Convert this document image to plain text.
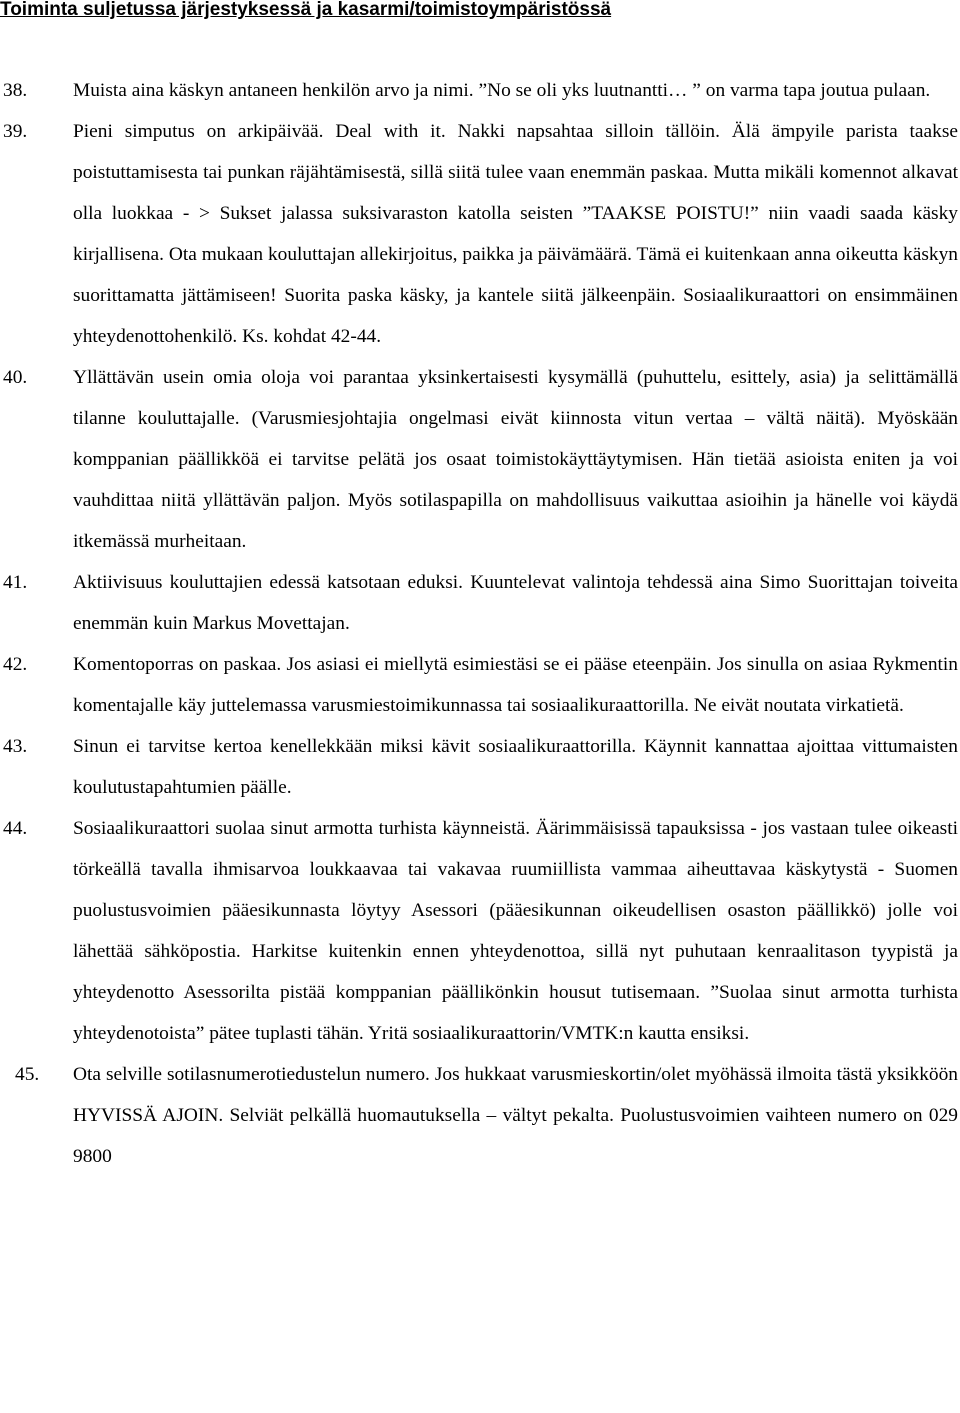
Toiminta suljetussa järjestyksessä ja kasarmi/toimistoympäristössä
38. Muista aina käskyn antaneen henkilön arvo ja nimi. ”No se oli yks luutnantti… ” on varma tapa joutua pulaan.
39. Pieni simputus on arkipäivää. Deal with it. Nakki napsahtaa silloin tällöin. Älä ämpyile parista taakse poistuttamisesta tai punkan räjähtämisestä, sillä siitä tulee vaan enemmän paskaa. Mutta mikäli komennot alkavat olla luokkaa - > Sukset jalassa suksivaraston katolla seisten ”TAAKSE POISTU!” niin vaadi saada käsky kirjallisena. Ota mukaan kouluttajan allekirjoitus, paikka ja päivämäärä. Tämä ei kuitenkaan anna oikeutta käskyn suorittamatta jättämiseen! Suorita paska käsky, ja kantele siitä jälkeenpäin. Sosiaalikuraattori on ensimmäinen yhteydenottohenkilö. Ks. kohdat 42-44.
40. Yllättävän usein omia oloja voi parantaa yksinkertaisesti kysymällä (puhuttelu, esittely, asia) ja selittämällä tilanne kouluttajalle. (Varusmiesjohtajia ongelmasi eivät kiinnosta vitun vertaa – vältä näitä). Myöskään komppanian päällikköä ei tarvitse pelätä jos osaat toimistokäyttäytymisen. Hän tietää asioista eniten ja voi vauhdittaa niitä yllättävän paljon. Myös sotilaspapilla on mahdollisuus vaikuttaa asioihin ja hänelle voi käydä itkemässä murheitaan.
41. Aktiivisuus kouluttajien edessä katsotaan eduksi. Kuuntelevat valintoja tehdessä aina Simo Suorittajan toiveita enemmän kuin Markus Movettajan.
42. Komentoporras on paskaa. Jos asiasi ei miellytä esimiestäsi se ei pääse eteenpäin. Jos sinulla on asiaa Rykmentin komentajalle käy juttelemassa varusmiestoimikunnassa tai sosiaalikuraattorilla. Ne eivät noutata virkatietä.
43. Sinun ei tarvitse kertoa kenellekkään miksi kävit sosiaalikuraattorilla. Käynnit kannattaa ajoittaa vittumaisten koulutustapahtumien päälle.
44. Sosiaalikuraattori suolaa sinut armotta turhista käynneistä. Äärimmäisissä tapauksissa - jos vastaan tulee oikeasti törkeällä tavalla ihmisarvoa loukkaavaa tai vakavaa ruumiillista vammaa aiheuttavaa käskytystä - Suomen puolustusvoimien pääesikunnasta löytyy Asessori (pääesikunnan oikeudellisen osaston päällikkö) jolle voi lähettää sähköpostia. Harkitse kuitenkin ennen yhteydenottoa, sillä nyt puhutaan kenraalitason tyypistä ja yhteydenotto Asessorilta pistää komppanian päällikönkin housut tutisemaan. ”Suolaa sinut armotta turhista yhteydenotoista” pätee tuplasti tähän. Yritä sosiaalikuraattorin/VMTK:n kautta ensiksi.
45. Ota selville sotilasnumerotiedustelun numero. Jos hukkaat varusmieskortin/olet myöhässä ilmoita tästä yksikköön HYVISSÄ AJOIN. Selviät pelkällä huomautuksella – vältyt pekalta. Puolustusvoimien vaihteen numero on 029 9800
